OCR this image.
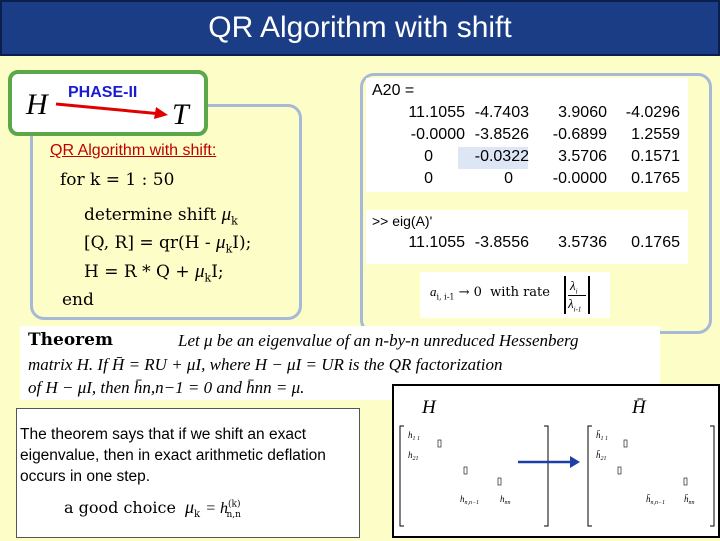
QR Algorithm with shift
H	T
PHASE-II
QR Algorithm with shift:
for k = 1 : 50
determine shift $\mu_k$
[Q, $R] = qr(H - \mu_kI)$;
$H = R * Q + \mu_kI$;
end
A20 =
11.1055 -4.7403	3.9060	-4.0296
-0.0000 -3.8526	-0.6899	1.2559
0	-0.0322	3.5706	0.1571
0	0	-0.0000	0.1765
>> eig(A)'
11.1055 -3.8556	3.5736	0.1765
$a_{i, i-1} \to 0$ with rate $\lambda_i$
$\lambda_{i-1}$
Theorem	Let μ be an eigenvalue of an n-by-n unreduced Hessenberg
matrix H. If H̄ = RU + μI, where H − μI = UR is the QR factorization
of H − μI, then h̄n,n−1 = 0 and h̄nn = μ.
The theorem says that if we shift an exact eigenvalue, then in exact arithmetic deflation occurs in one step.
a good choice $\mu_k = h^{(k)}_{n,n}$
H	H̄
$h_{1 1}$
$h_{21}$
$h_{n,n-1}$ $h_{nn}$
$h̄_{1 1}$
$h̄_{21}$
$h̄_{n,n-1}$ $h̄_{nn}$
